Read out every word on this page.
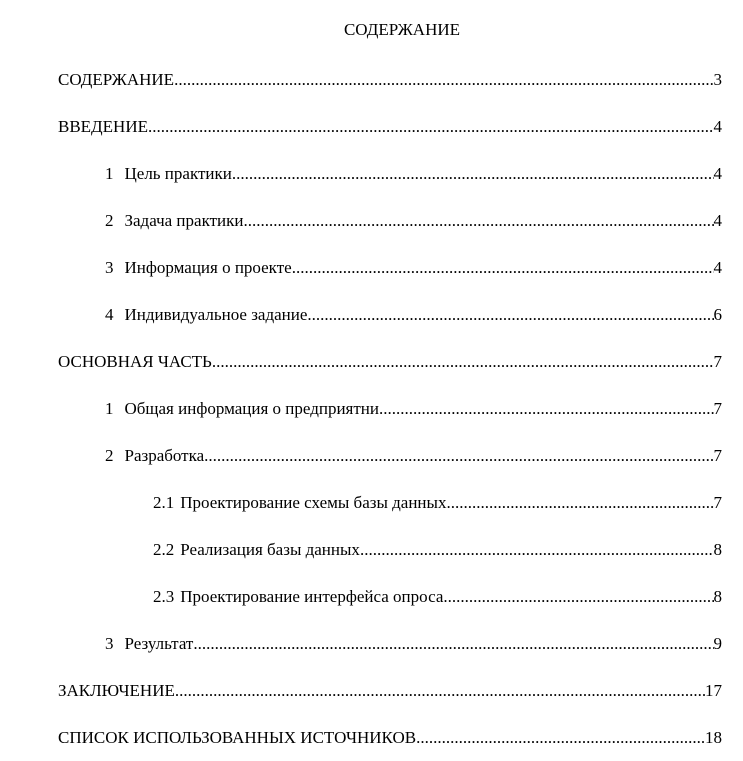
СОДЕРЖАНИЕ
СОДЕРЖАНИЕ .....	3
ВВЕДЕНИЕ .....	4
1 Цель практики .....	4
2 Задача практики .....	4
3 Информация о проекте .....	4
4 Индивидуальное задание .....	6
ОСНОВНАЯ ЧАСТЬ .....	7
1 Общая информация о предприятни .....	7
2 Разработка .....	7
2.1 Проектирование схемы базы данных .....	7
2.2 Реализация базы данных .....	8
2.3 Проектирование интерфейса опроса .....	8
3 Результат .....	9
ЗАКЛЮЧЕНИЕ .....	17
СПИСОК ИСПОЛЬЗОВАННЫХ ИСТОЧНИКОВ .....	18
